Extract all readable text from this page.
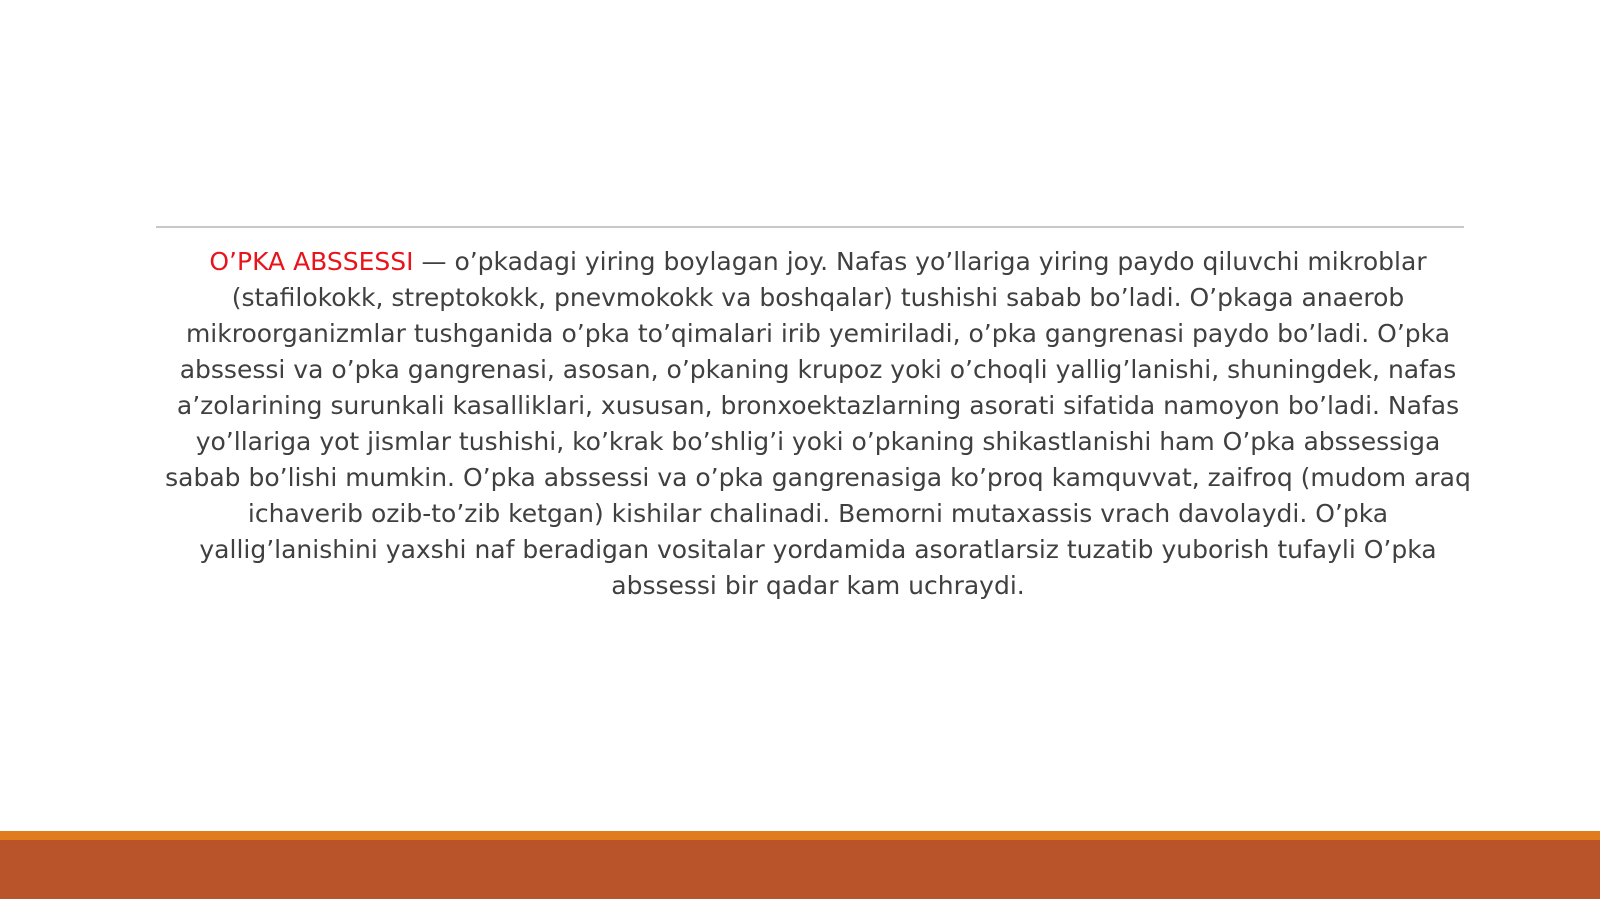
O’PKA ABSSESSI — o’pkadagi yiring boylagan joy. Nafas yo’llariga yiring paydo qiluvchi mikroblar (stafilokokk, streptokokk, pnevmokokk va boshqalar) tushishi sabab bo’ladi. O’pkaga anaerob mikroorganizmlar tushganida o’pka to’qimalari irib yemiriladi, o’pka gangrenasi paydo bo’ladi. O’pka abssessi va o’pka gangrenasi, asosan, o’pkaning krupoz yoki o’choqli yallig’lanishi, shuningdek, nafas a’zolarining surunkali kasalliklari, xususan, bronxoektazlarning asorati sifatida namoyon bo’ladi. Nafas yo’llariga yot jismlar tushishi, ko’krak bo’shlig’i yoki o’pkaning shikastlanishi ham O’pka abssessiga sabab bo’lishi mumkin. O’pka abssessi va o’pka gangrenasiga ko’proq kamquvvat, zaifroq (mudom araq ichaverib ozib-to’zib ketgan) kishilar chalinadi. Bemorni mutaxassis vrach davolaydi. O’pka yallig’lanishini yaxshi naf beradigan vositalar yordamida asoratlarsiz tuzatib yuborish tufayli O’pka abssessi bir qadar kam uchraydi.
